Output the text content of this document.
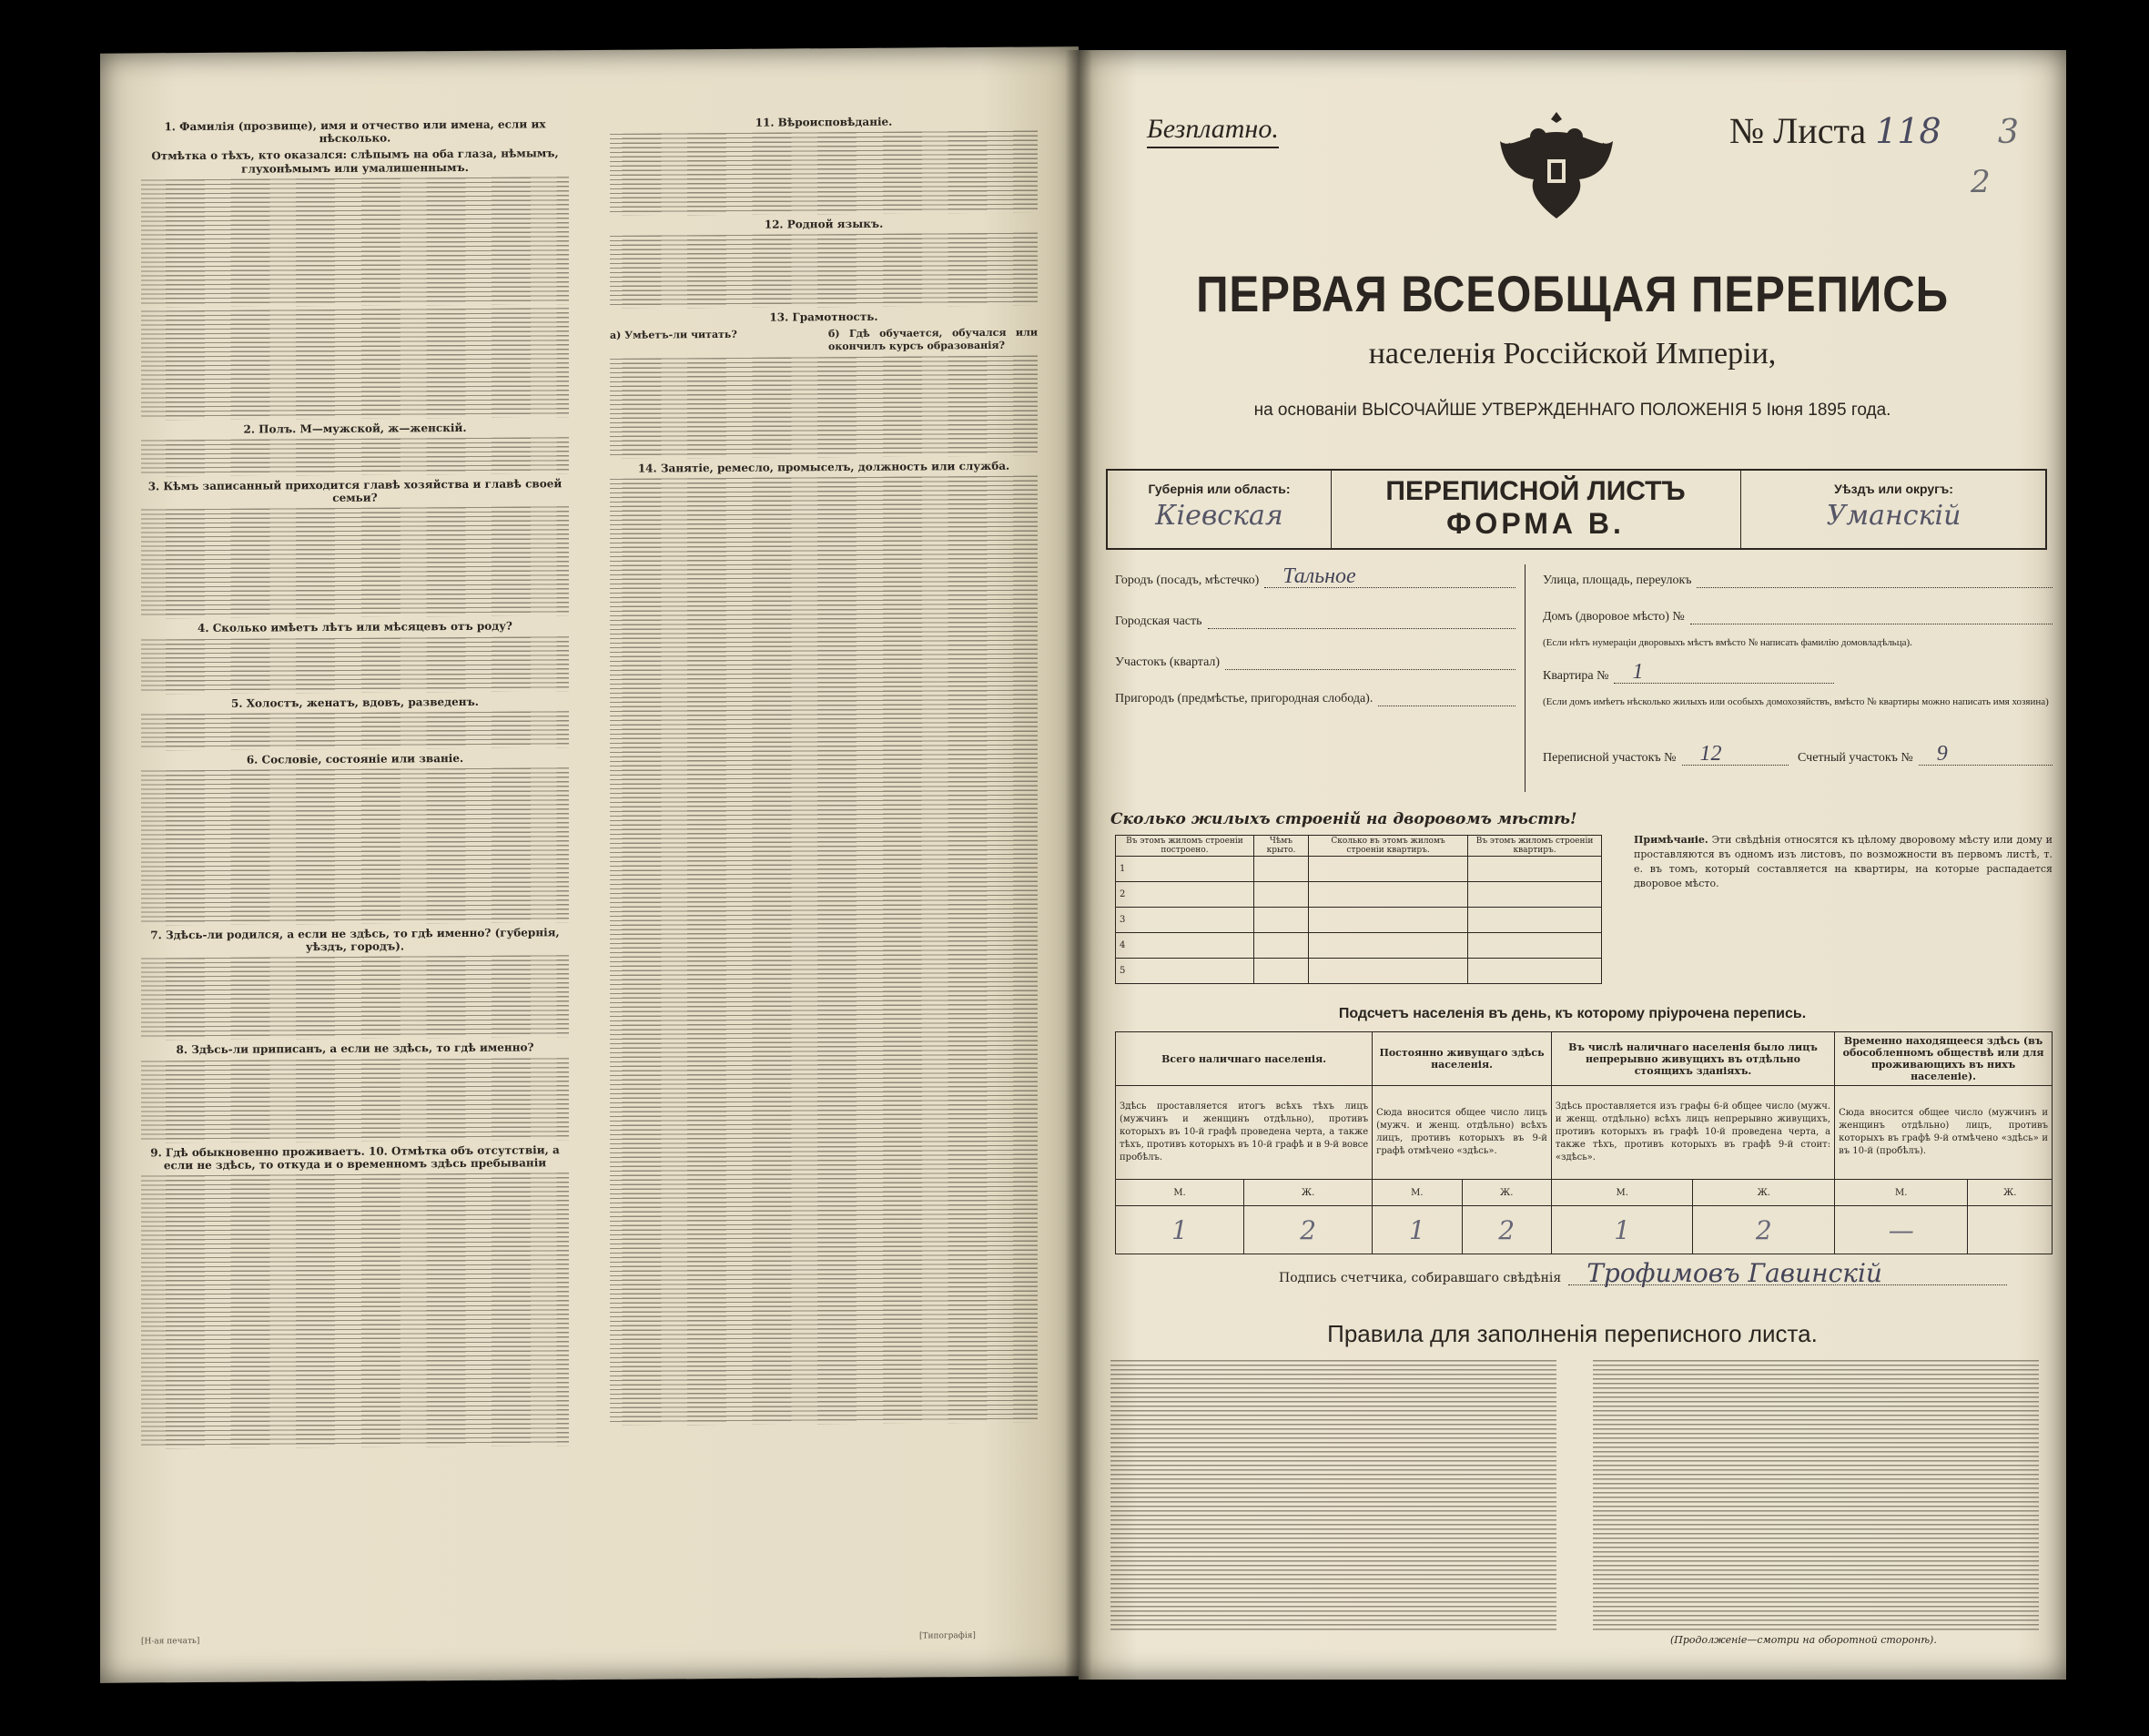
1. Фамилія (прозвище), имя и отчество или имена, если их нѣсколько.
Отмѣтка о тѣхъ, кто оказался: слѣпымъ на оба глаза, нѣмымъ, глухонѣмымъ или умалишеннымъ.
2. Полъ. М—мужской, ж—женскій.
3. Кѣмъ записанный приходится главѣ хозяйства и главѣ своей семьи?
4. Сколько имѣетъ лѣтъ или мѣсяцевъ отъ роду?
5. Холостъ, женатъ, вдовъ, разведенъ.
6. Сословіе, состояніе или званіе.
7. Здѣсь-ли родился, а если не здѣсь, то гдѣ именно? (губернія, уѣздъ, городъ).
8. Здѣсь-ли приписанъ, а если не здѣсь, то гдѣ именно?
9. Гдѣ обыкновенно проживаетъ. 10. Отмѣтка объ отсутствіи, а если не здѣсь, то откуда и о временномъ здѣсь пребываніи
[Н-ая печать]
11. Вѣроисповѣданіе.
12. Родной языкъ.
13. Грамотность.
а) Умѣетъ-ли читать?	б) Гдѣ обучается, обучался или окончилъ курсъ образованія?
14. Занятіе, ремесло, промыселъ, должность или служба.
[Типографія]
Безплатно.	№ Листа 118 3
2
ПЕРВАЯ ВСЕОБЩАЯ ПЕРЕПИСЬ
населенія Россійской Имперіи,
на основаніи ВЫСОЧАЙШЕ УТВЕРЖДЕННАГО ПОЛОЖЕНІЯ 5 Іюня 1895 года.
Губернія или область:
Кіевская
ПЕРЕПИСНОЙ ЛИСТЪ
ФОРМА В.
Уѣздъ или округъ:
Уманскій
Городъ (посадъ, мѣстечко) Тальное
Городская часть
Участокъ (квартал)
Пригородъ (предмѣстье, пригородная слобода).
Улица, площадь, переулокъ
Домъ (дворовое мѣсто) №
(Если нѣтъ нумераціи дворовыхъ мѣстъ вмѣсто № написать фамилію домовладѣльца).
Квартира № 1
(Если домъ имѣетъ нѣсколько жилыхъ или особыхъ домохозяйствъ, вмѣсто № квартиры можно написать имя хозяина)
Переписной участокъ № 12	Счетный участокъ № 9
Сколько жилыхъ строеній на дворовомъ мѣстѣ!
Въ этомъ жиломъ строеніи построено.	Чѣмъ крыто.	Сколько въ этомъ жиломъ строеніи квартиръ.	Въ этомъ жиломъ строеніи квартиръ.
1			
2			
3			
4			
5			
Примѣчаніе. Эти свѣдѣнія относятся къ цѣлому дворовому мѣсту или дому и проставляются въ одномъ изъ листовъ, по возможности въ первомъ листѣ, т. е. въ томъ, который составляется на квартиры, на которые распадается дворовое мѣсто.
Подсчетъ населенія въ день, къ которому пріурочена перепись.
Всего наличнаго населенія.		Постоянно живущаго здѣсь населенія.		Въ числѣ наличнаго населенія было лицъ непрерывно живущихъ въ отдѣльно стоящихъ зданіяхъ.		Временно находящееся здѣсь (въ обособленномъ обществѣ или для проживающихъ въ нихъ населеніе).	
Здѣсь проставляется итогъ всѣхъ тѣхъ лицъ (мужчинъ и женщинъ отдѣльно), противъ которыхъ въ 10-й графѣ проведена черта, а также тѣхъ, противъ которыхъ въ 10-й графѣ и в 9-й вовсе пробѣлъ.		Сюда вносится общее число лицъ (мужч. и женщ. отдѣльно) всѣхъ лицъ, противъ которыхъ въ 9-й графѣ отмѣчено «здѣсь».		Здѣсь проставляется изъ графы 6-й общее число (мужч. и женщ. отдѣльно) всѣхъ лицъ непрерывно живущихъ, противъ которыхъ въ графѣ 10-й проведена черта, а также тѣхъ, противъ которыхъ въ графѣ 9-й стоит: «здѣсь».		Сюда вносится общее число (мужчинъ и женщинъ отдѣльно) лицъ, противъ которыхъ въ графѣ 9-й отмѣчено «здѣсь» и въ 10-й (пробѣлъ).	
М.	Ж.	М.	Ж.	М.	Ж.	М.	Ж.
1	2	1	2	1	2	—	
Подпись счетчика, собиравшаго свѣдѣнія Трофимовъ Гавинскій
Правила для заполненія переписного листа.
(Продолженіе—смотри на оборотной сторонѣ).
